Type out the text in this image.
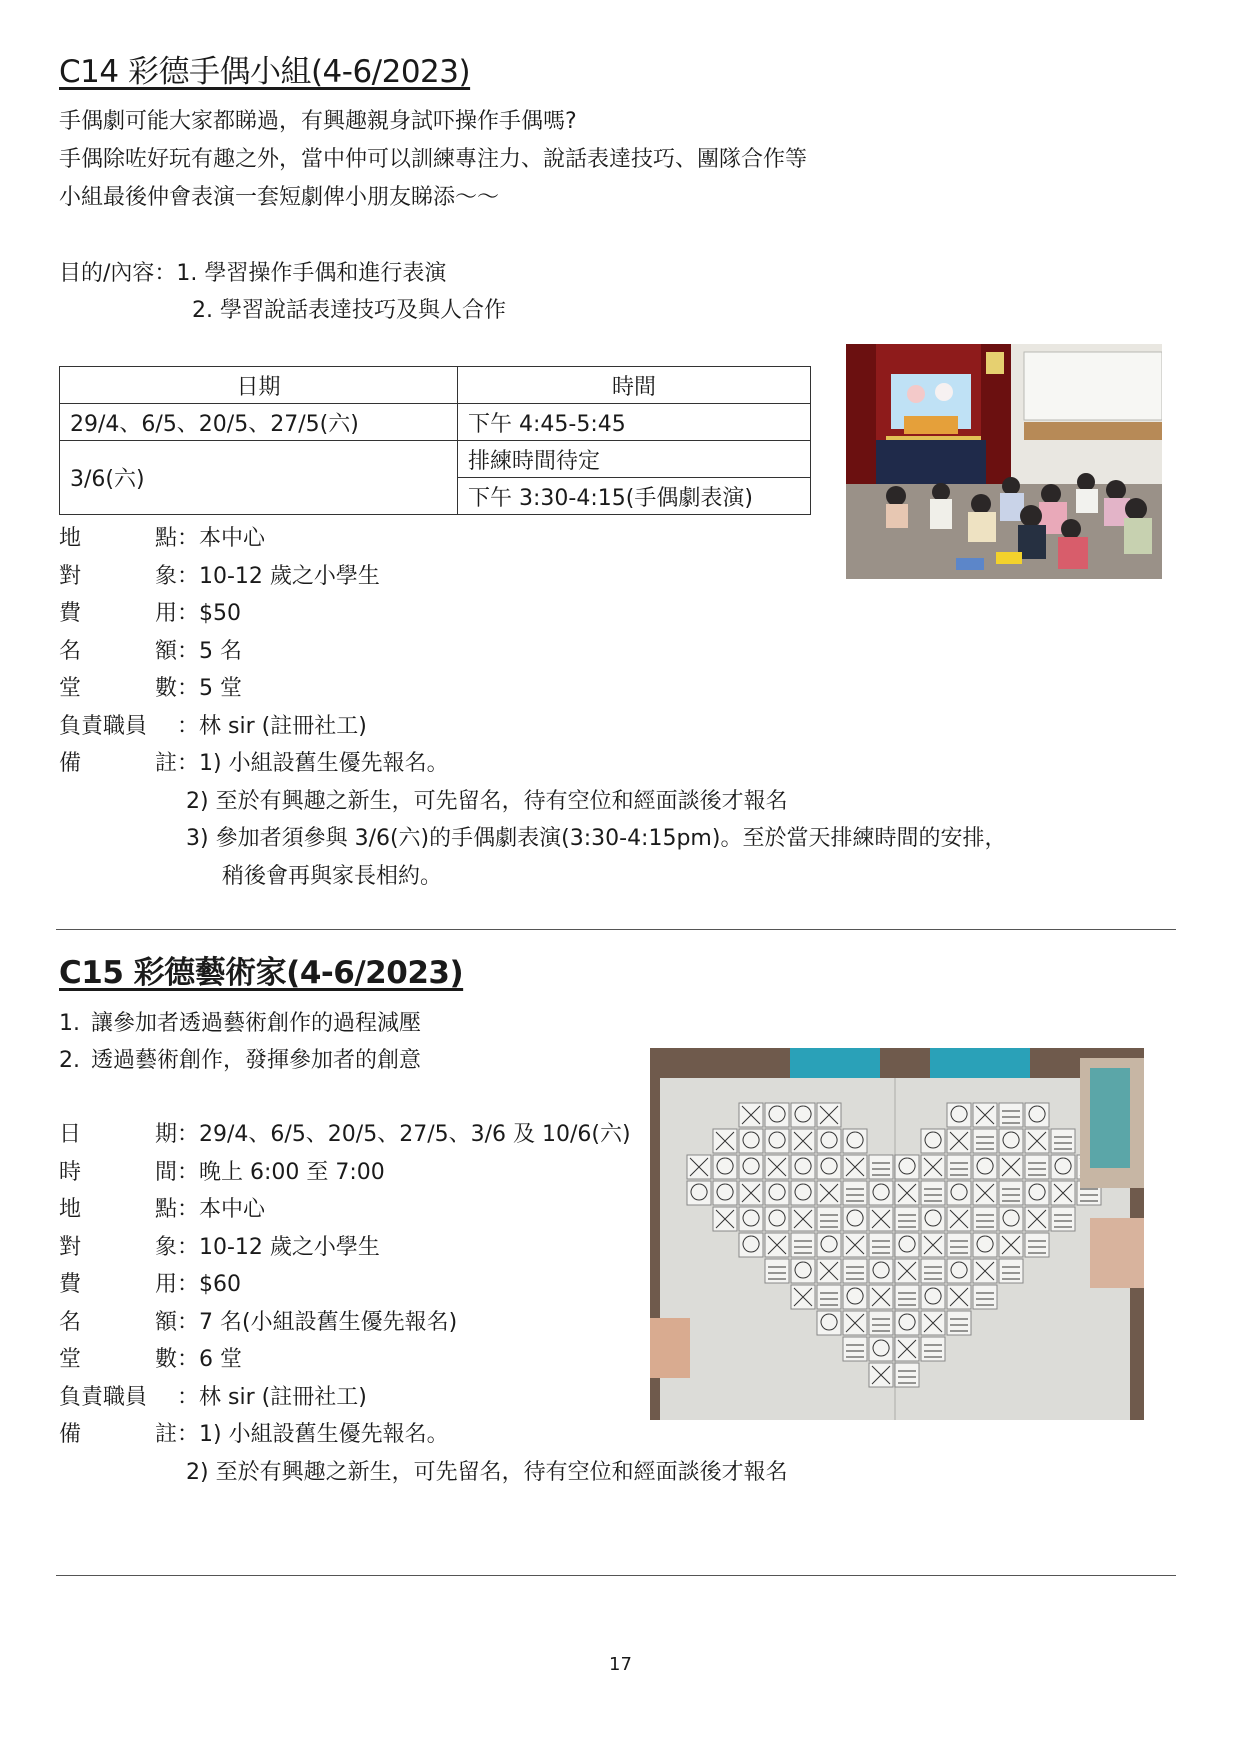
C14 彩德手偶小組(4-6/2023)
手偶劇可能大家都睇過，有興趣親身試吓操作手偶嗎?
手偶除咗好玩有趣之外，當中仲可以訓練專注力、說話表達技巧、團隊合作等
小組最後仲會表演一套短劇俾小朋友睇添～～
目的/內容：1. 學習操作手偶和進行表演
2. 學習說話表達技巧及與人合作
日期	時間
29/4、6/5、20/5、27/5(六)	下午 4:45-5:45
3/6(六)	排練時間待定
	下午 3:30-4:15(手偶劇表演)
地	點 ： 本中心
對	象 ： 10-12 歲之小學生
費	用 ： $50
名	額 ： 5 名
堂	數 ： 5 堂
負責職員 ： 林 sir (註冊社工)
備	註 ： 1) 小組設舊生優先報名。
2) 至於有興趣之新生，可先留名，待有空位和經面談後才報名
3) 參加者須參與 3/6(六)的手偶劇表演(3:30-4:15pm)。至於當天排練時間的安排，
稍後會再與家長相約。
C15 彩德藝術家(4-6/2023)
1. 讓參加者透過藝術創作的過程減壓
2. 透過藝術創作，發揮參加者的創意
日	期 ： 29/4、6/5、20/5、27/5、3/6 及 10/6(六)
時	間 ： 晚上 6:00 至 7:00
地	點 ： 本中心
對	象 ： 10-12 歲之小學生
費	用 ： $60
名	額 ： 7 名(小組設舊生優先報名)
堂	數 ： 6 堂
負責職員 ： 林 sir (註冊社工)
備	註 ： 1) 小組設舊生優先報名。
2) 至於有興趣之新生，可先留名，待有空位和經面談後才報名
17
